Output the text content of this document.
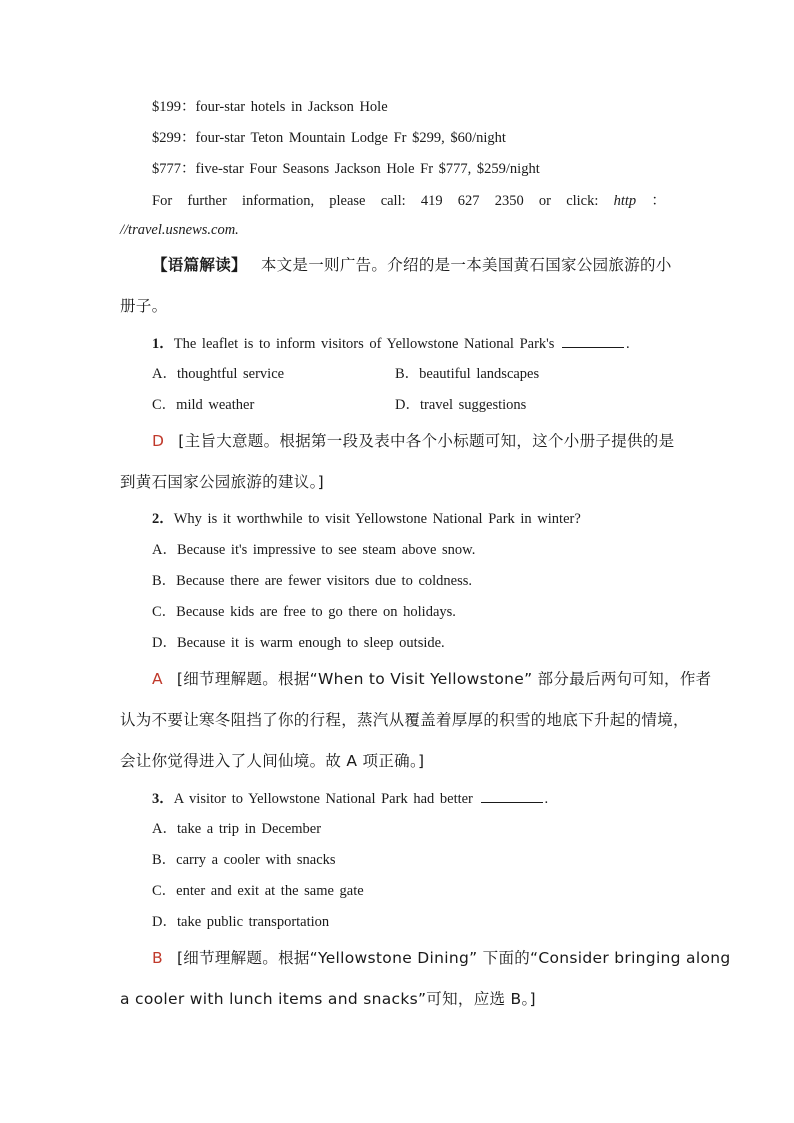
$199：four-star hotels in Jackson Hole
$299：four-star Teton Mountain Lodge Fr $299, $60/night
$777：five-star Four Seasons Jackson Hole Fr $777, $259/night
For further information, please call: 419 627 2350 or click: http ：
//travel.usnews.com.
【语篇解读】 本文是一则广告。介绍的是一本美国黄石国家公园旅游的小
册子。
1．The leaflet is to inform visitors of Yellowstone National Park's	.
A．thoughtful service	B．beautiful landscapes
C．mild weather	D．travel suggestions
D [主旨大意题。根据第一段及表中各个小标题可知，这个小册子提供的是
到黄石国家公园旅游的建议。]
2．Why is it worthwhile to visit Yellowstone National Park in winter?
A．Because it's impressive to see steam above snow.
B．Because there are fewer visitors due to coldness.
C．Because kids are free to go there on holidays.
D．Because it is warm enough to sleep outside.
A [细节理解题。根据“When to Visit Yellowstone” 部分最后两句可知，作者
认为不要让寒冬阻挡了你的行程，蒸汽从覆盖着厚厚的积雪的地底下升起的情境，
会让你觉得进入了人间仙境。故 A 项正确。]
3．A visitor to Yellowstone National Park had better	.
A．take a trip in December
B．carry a cooler with snacks
C．enter and exit at the same gate
D．take public transportation
B [细节理解题。根据“Yellowstone Dining” 下面的“Consider bringing along
a cooler with lunch items and snacks”可知，应选 B。]
